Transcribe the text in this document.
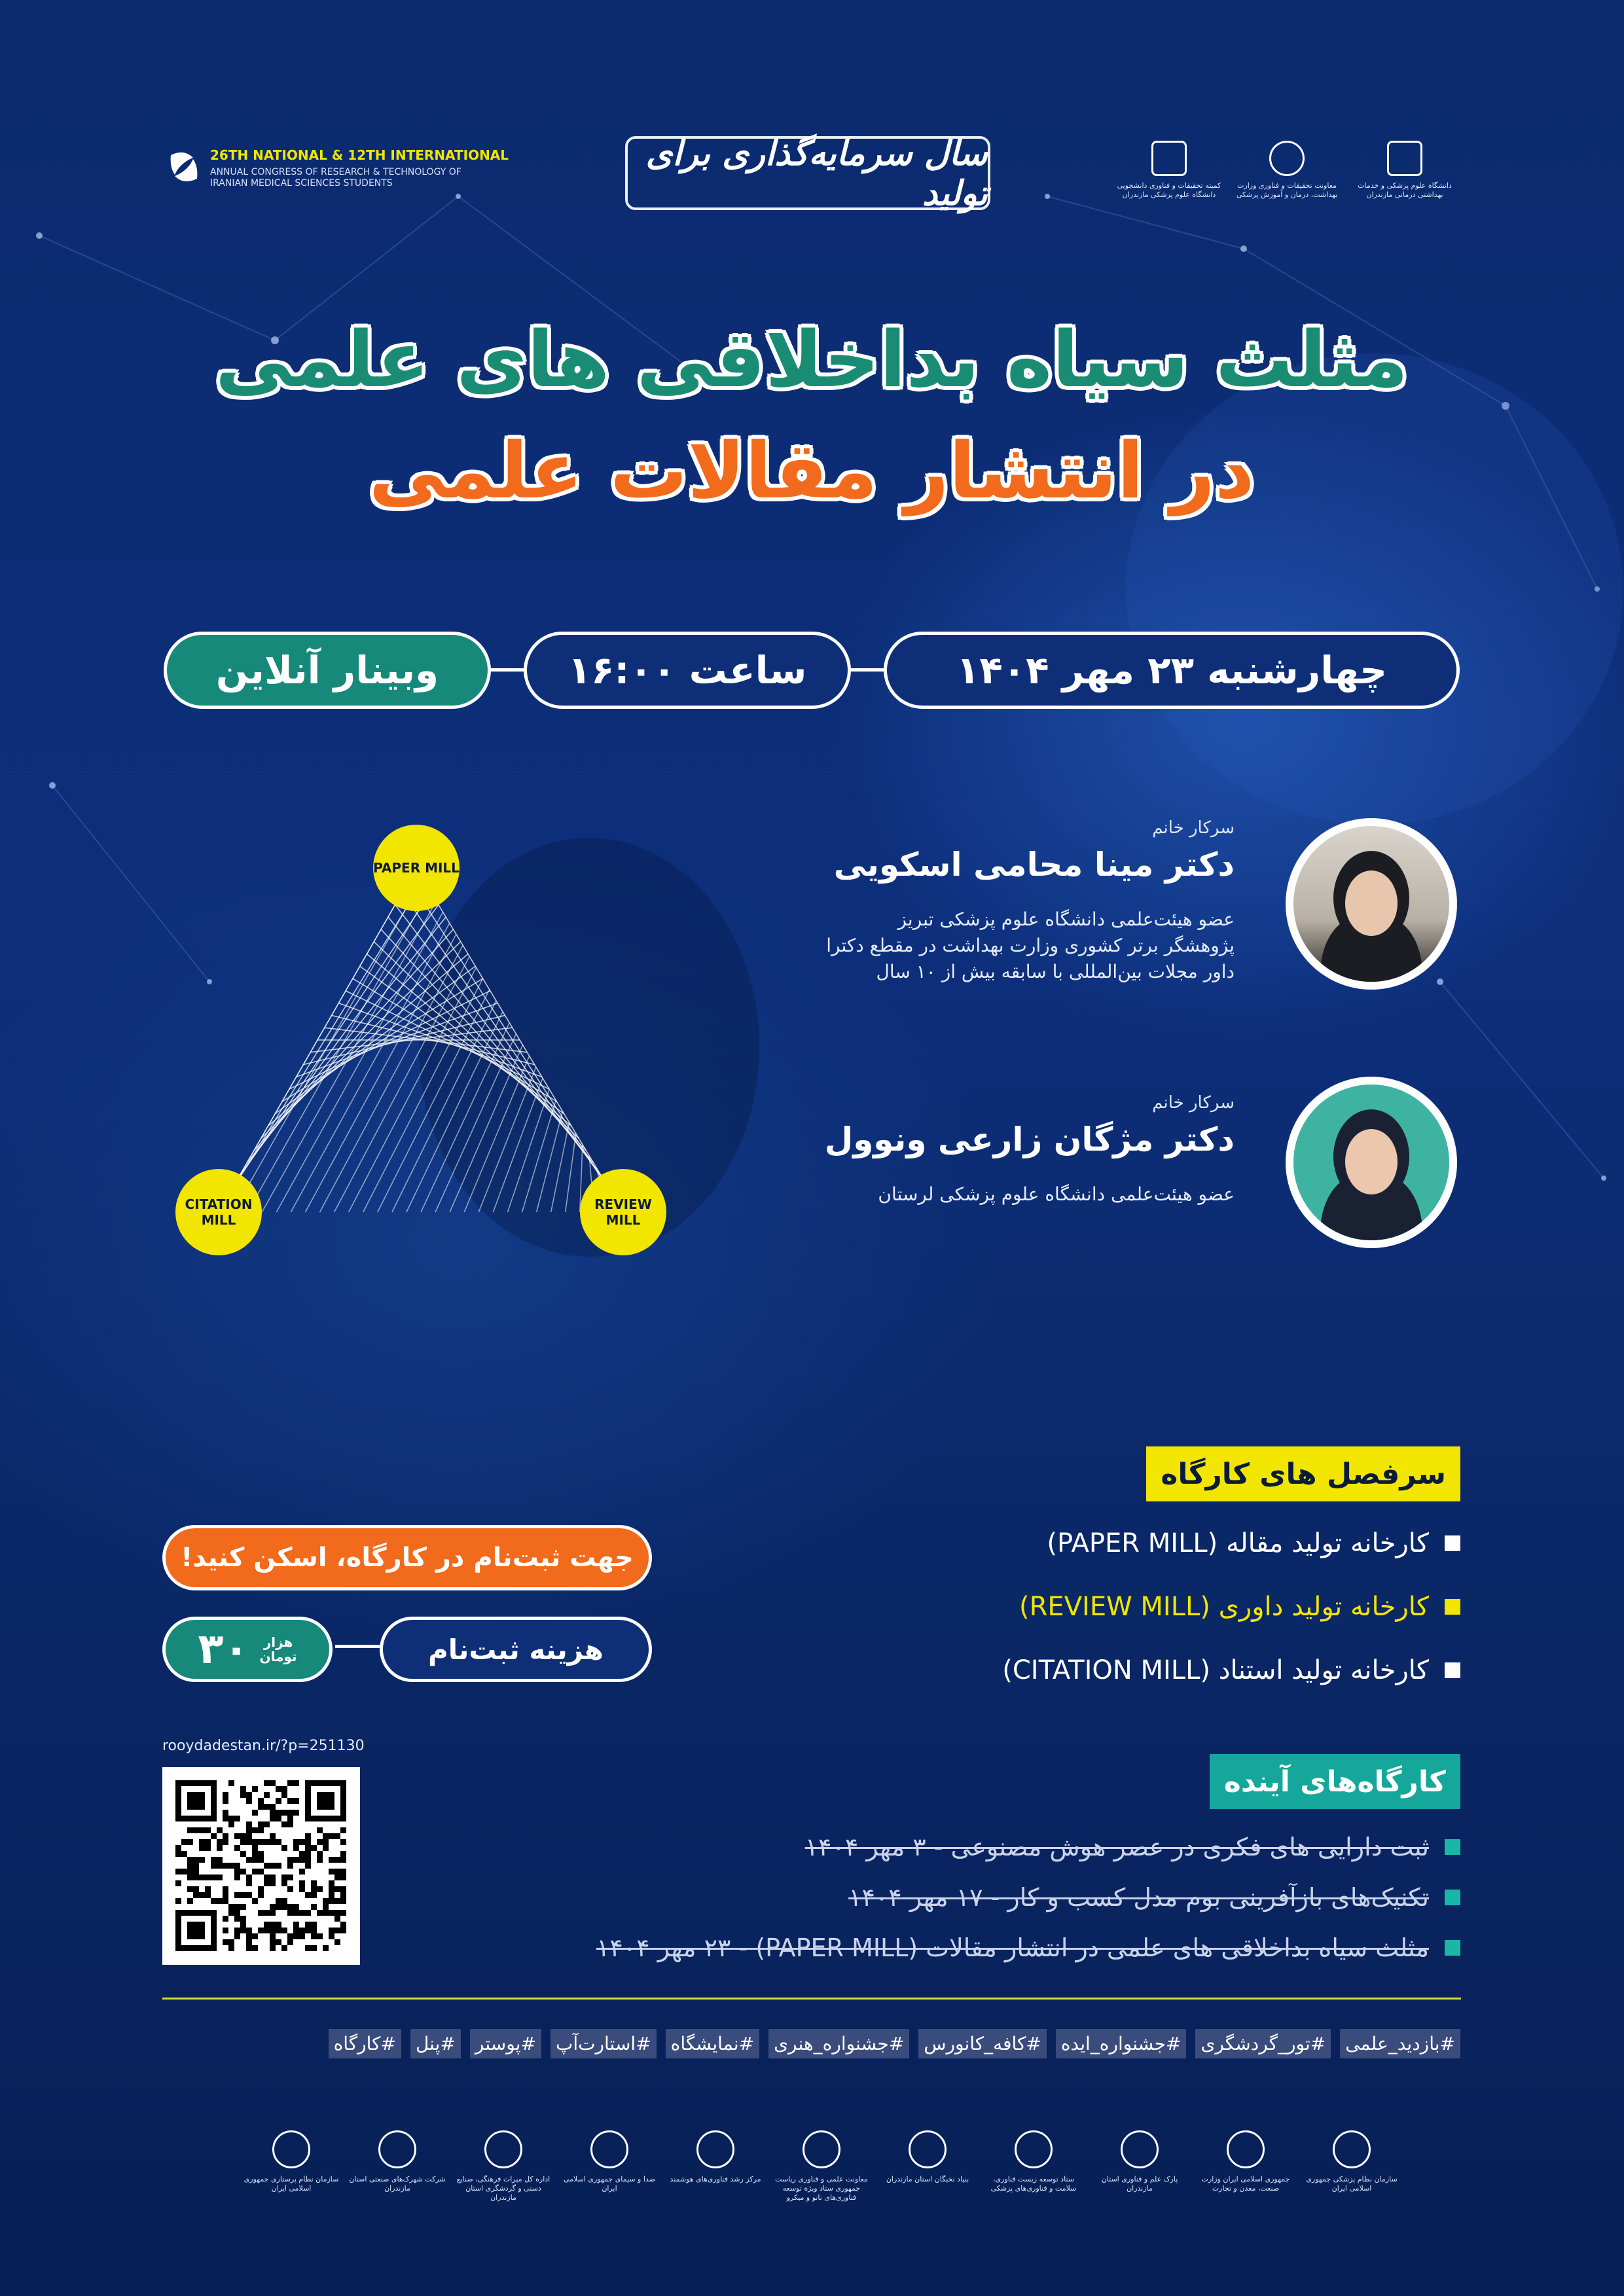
26TH NATIONAL & 12TH INTERNATIONAL
ANNUAL CONGRESS OF RESEARCH & TECHNOLOGY OF
IRANIAN MEDICAL SCIENCES STUDENTS
سال سرمایه‌گذاری برای تولید	دانشگاه علوم پزشکی و خدمات بهداشتی درمانی مازندران
معاونت تحقیقات و فناوری وزارت بهداشت، درمان و آموزش پزشکی
کمیته تحقیقات و فناوری دانشجویی دانشگاه علوم پزشکی مازندران
مثلث سیاه بداخلاقی های علمی
در انتشار مقالات علمی
چهارشنبه ۲۳ مهر ۱۴۰۴
ساعت ۱۶:۰۰
وبینار آنلاین
PAPER MILL
CITATION MILL
REVIEW MILL
سرکار خانم
دکتر مینا محامی اسکویی
عضو هیئت‌علمی دانشگاه علوم پزشکی تبریز
پژوهشگر برتر کشوری وزارت بهداشت در مقطع دکترا
داور مجلات بین‌المللی با سابقه بیش از ۱۰ سال
سرکار خانم
دکتر مژگان زارعی ونوول
عضو هیئت‌علمی دانشگاه علوم پزشکی لرستان
سرفصل های کارگاه
کارخانه تولید مقاله (PAPER MILL)
کارخانه تولید داوری (REVIEW MILL)
کارخانه تولید استناد (CITATION MILL)
جهت ثبت‌نام در کارگاه، اسکن کنید!
۳۰	هزار
تومان	هزینه ثبت‌نام
rooydadestan.ir/?p=251130
کارگاه‌های آینده
ثبت دارایی های فکری در عصر هوش مصنوعی - ۳ مهر ۱۴۰۴
تکنیک‌های بازآفرینی بوم مدل کسب و کار - ۱۷ مهر ۱۴۰۴
مثلث سیاه بداخلاقی های علمی در انتشار مقالات (PAPER MILL) - ۲۳ مهر ۱۴۰۴
#کارگاه #پنل #پوستر #استارت‌آپ #نمایشگاه #جشنواره_هنری #کافه_کانورس #جشنواره_ایده #تور_گردشگری #بازدید_علمی
سازمان نظام پزشکی جمهوری اسلامی ایران
جمهوری اسلامی ایران وزارت صنعت، معدن و تجارت
پارک علم و فناوری استان مازندران
ستاد توسعه زیست فناوری، سلامت و فناوری‌های پزشکی
بنیاد نخبگان استان مازندران
معاونت علمی و فناوری ریاست جمهوری ستاد ویژه توسعه فناوری‌های نانو و میکرو
مرکز رشد فناوری‌های هوشمند
صدا و سیمای جمهوری اسلامی ایران
اداره کل میراث فرهنگی، صنایع دستی و گردشگری استان مازندران
شرکت شهرک‌های صنعتی استان مازندران
سازمان نظام پرستاری جمهوری اسلامی ایران
